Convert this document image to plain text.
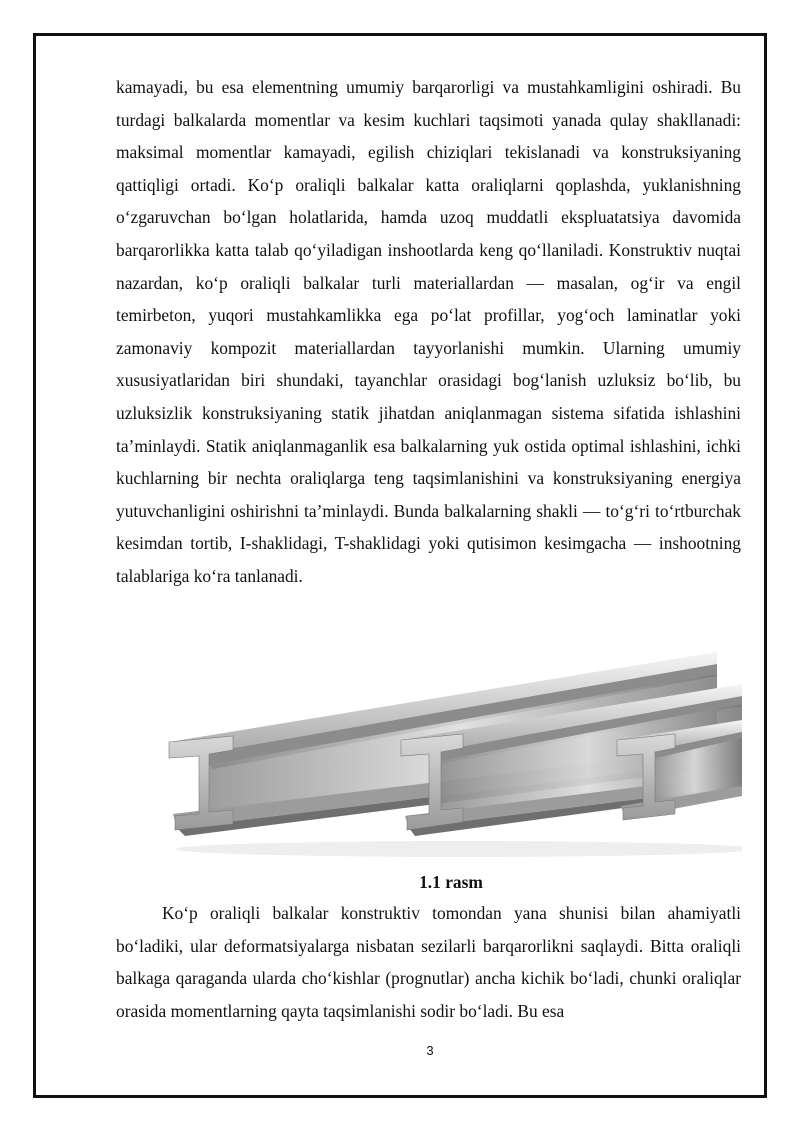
kamayadi, bu esa elementning umumiy barqarorligi va mustahkamligini oshiradi. Bu turdagi balkalarda momentlar va kesim kuchlari taqsimoti yanada qulay shakllanadi: maksimal momentlar kamayadi, egilish chiziqlari tekislanadi va konstruksiyaning qattiqligi ortadi. Ko‘p oraliqli balkalar katta oraliqlarni qoplashda, yuklanishning o‘zgaruvchan bo‘lgan holatlarida, hamda uzoq muddatli ekspluatatsiya davomida barqarorlikka katta talab qo‘yiladigan inshootlarda keng qo‘llaniladi. Konstruktiv nuqtai nazardan, ko‘p oraliqli balkalar turli materiallardan — masalan, og‘ir va engil temirbeton, yuqori mustahkamlikka ega po‘lat profillar, yog‘och laminatlar yoki zamonaviy kompozit materiallardan tayyorlanishi mumkin. Ularning umumiy xususiyatlaridan biri shundaki, tayanchlar orasidagi bog‘lanish uzluksiz bo‘lib, bu uzluksizlik konstruksiyaning statik jihatdan aniqlanmagan sistema sifatida ishlashini ta’minlaydi. Statik aniqlanmaganlik esa balkalarning yuk ostida optimal ishlashini, ichki kuchlarning bir nechta oraliqlarga teng taqsimlanishini va konstruksiyaning energiya yutuvchanligini oshirishni ta’minlaydi. Bunda balkalarning shakli — to‘g‘ri to‘rtburchak kesimdan tortib, I-shaklidagi, T-shaklidagi yoki qutisimon kesimgacha — inshootning talablariga ko‘ra tanlanadi.
1.1 rasm
Ko‘p oraliqli balkalar konstruktiv tomondan yana shunisi bilan ahamiyatli bo‘ladiki, ular deformatsiyalarga nisbatan sezilarli barqarorlikni saqlaydi. Bitta oraliqli balkaga qaraganda ularda cho‘kishlar (prognutlar) ancha kichik bo‘ladi, chunki oraliqlar orasida momentlarning qayta taqsimlanishi sodir bo‘ladi. Bu esa
3
